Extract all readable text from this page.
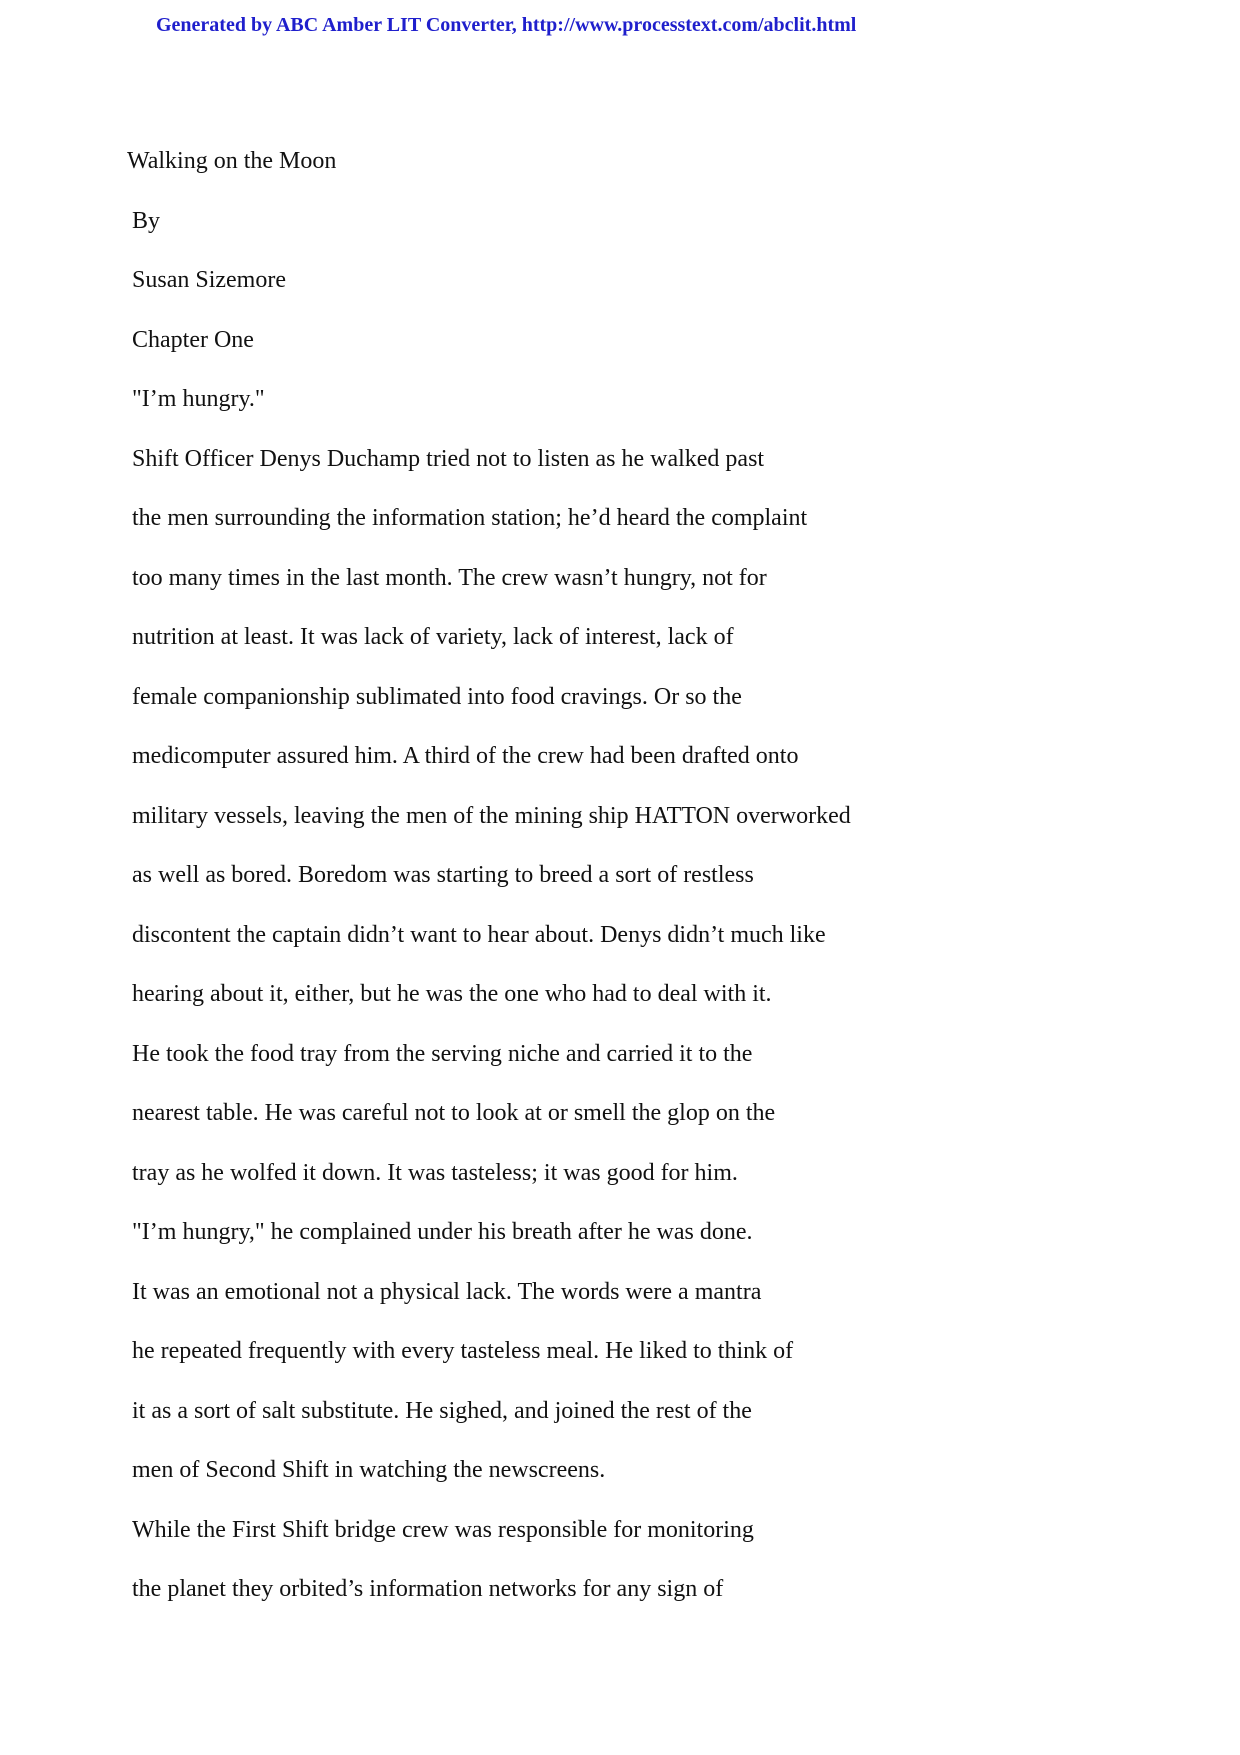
Generated by ABC Amber LIT Converter, http://www.processtext.com/abclit.html
Walking on the Moon
By
Susan Sizemore
Chapter One
"I’m hungry."
Shift Officer Denys Duchamp tried not to listen as he walked past
the men surrounding the information station; he’d heard the complaint
too many times in the last month. The crew wasn’t hungry, not for
nutrition at least. It was lack of variety, lack of interest, lack of
female companionship sublimated into food cravings. Or so the
medicomputer assured him. A third of the crew had been drafted onto
military vessels, leaving the men of the mining ship HATTON overworked
as well as bored. Boredom was starting to breed a sort of restless
discontent the captain didn’t want to hear about. Denys didn’t much like
hearing about it, either, but he was the one who had to deal with it.
He took the food tray from the serving niche and carried it to the
nearest table. He was careful not to look at or smell the glop on the
tray as he wolfed it down. It was tasteless; it was good for him.
"I’m hungry," he complained under his breath after he was done.
It was an emotional not a physical lack. The words were a mantra
he repeated frequently with every tasteless meal. He liked to think of
it as a sort of salt substitute. He sighed, and joined the rest of the
men of Second Shift in watching the newscreens.
While the First Shift bridge crew was responsible for monitoring
the planet they orbited’s information networks for any sign of
